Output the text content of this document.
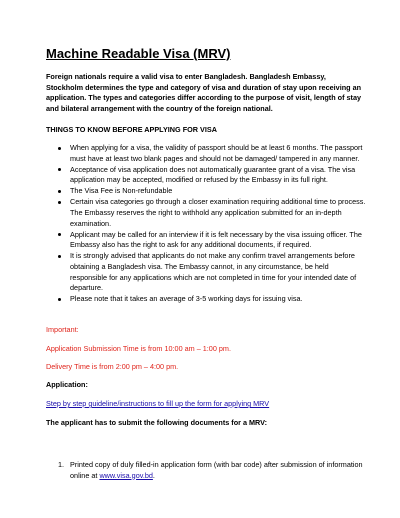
Machine Readable Visa (MRV)

Foreign nationals require a valid visa to enter Bangladesh. Bangladesh Embassy, Stockholm determines the type and category of visa and duration of stay upon receiving an application. The types and categories differ according to the purpose of visit, length of stay and bilateral arrangement with the country of the foreign national.

THINGS TO KNOW BEFORE APPLYING FOR VISA

When applying for a visa, the validity of passport should be at least 6 months. The passport must have at least two blank pages and should not be damaged/ tampered in any manner.
Acceptance of visa application does not automatically guarantee grant of a visa. The visa application may be accepted, modified or refused by the Embassy in its full right.
The Visa Fee is Non-refundable
Certain visa categories go through a closer examination requiring additional time to process. The Embassy reserves the right to withhold any application submitted for an in-depth examination.
Applicant may be called for an interview if it is felt necessary by the visa issuing officer. The Embassy also has the right to ask for any additional documents, if required.
It is strongly advised that applicants do not make any confirm travel arrangements before obtaining a Bangladesh visa. The Embassy cannot, in any circumstance, be held responsible for any applications which are not completed in time for your intended date of departure.
Please note that it takes an average of 3-5 working days for issuing visa.
Important:
Application Submission Time is from 10:00 am – 1:00 pm.
Delivery Time is from 2:00 pm – 4:00 pm.

Application:

Step by step guideline/instructions to fill up the form for applying MRV

The applicant has to submit the following documents for a MRV:

1. Printed copy of duly filled-in application form (with bar code) after submission of information online at www.visa.gov.bd.
